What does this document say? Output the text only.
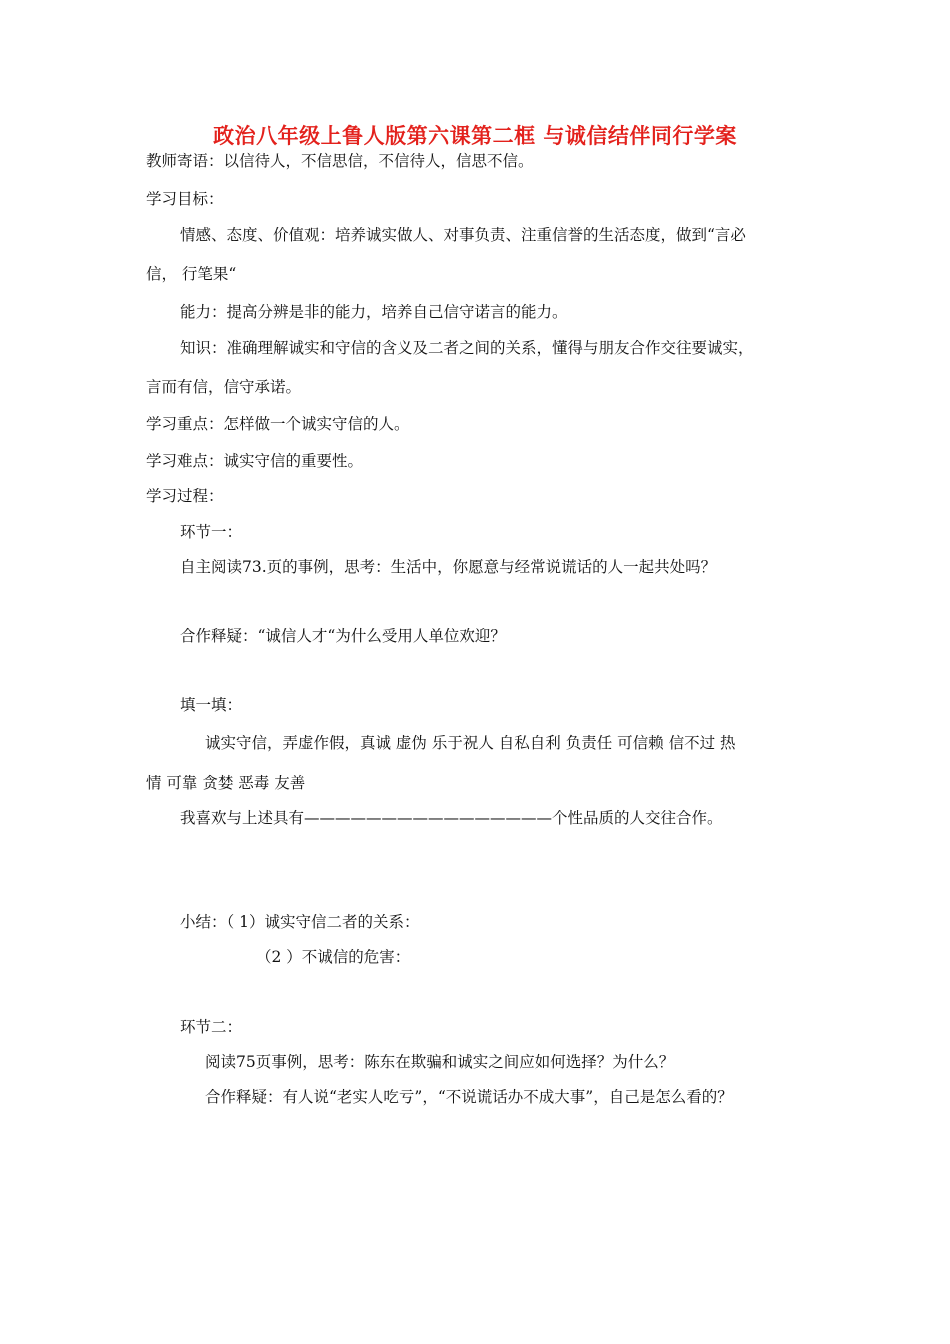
政治八年级上鲁人版第六课第二框 与诚信结伴同行学案
教师寄语：以信待人，不信思信，不信待人，信思不信。
学习目标：
情感、态度、价值观：培养诚实做人、对事负责、注重信誉的生活态度，做到“言必
信， 行笔果“
能力：提高分辨是非的能力，培养自己信守诺言的能力。
知识：准确理解诚实和守信的含义及二者之间的关系，懂得与朋友合作交往要诚实，
言而有信，信守承诺。
学习重点：怎样做一个诚实守信的人。
学习难点：诚实守信的重要性。
学习过程：
环节一：
自主阅读73.页的事例，思考：生活中，你愿意与经常说谎话的人一起共处吗？
合作释疑：“诚信人才“为什么受用人单位欢迎？
填一填：
诚实守信，弄虚作假，真诚 虚伪 乐于祝人 自私自利 负责任 可信赖 信不过 热
情 可靠 贪婪 恶毒 友善
我喜欢与上述具有————————————————个性品质的人交往合作。
小结：（ 1）诚实守信二者的关系：
（2 ）不诚信的危害：
环节二：
阅读75页事例，思考：陈东在欺骗和诚实之间应如何选择？为什么？
合作释疑：有人说“老实人吃亏”，“不说谎话办不成大事”，自己是怎么看的？
